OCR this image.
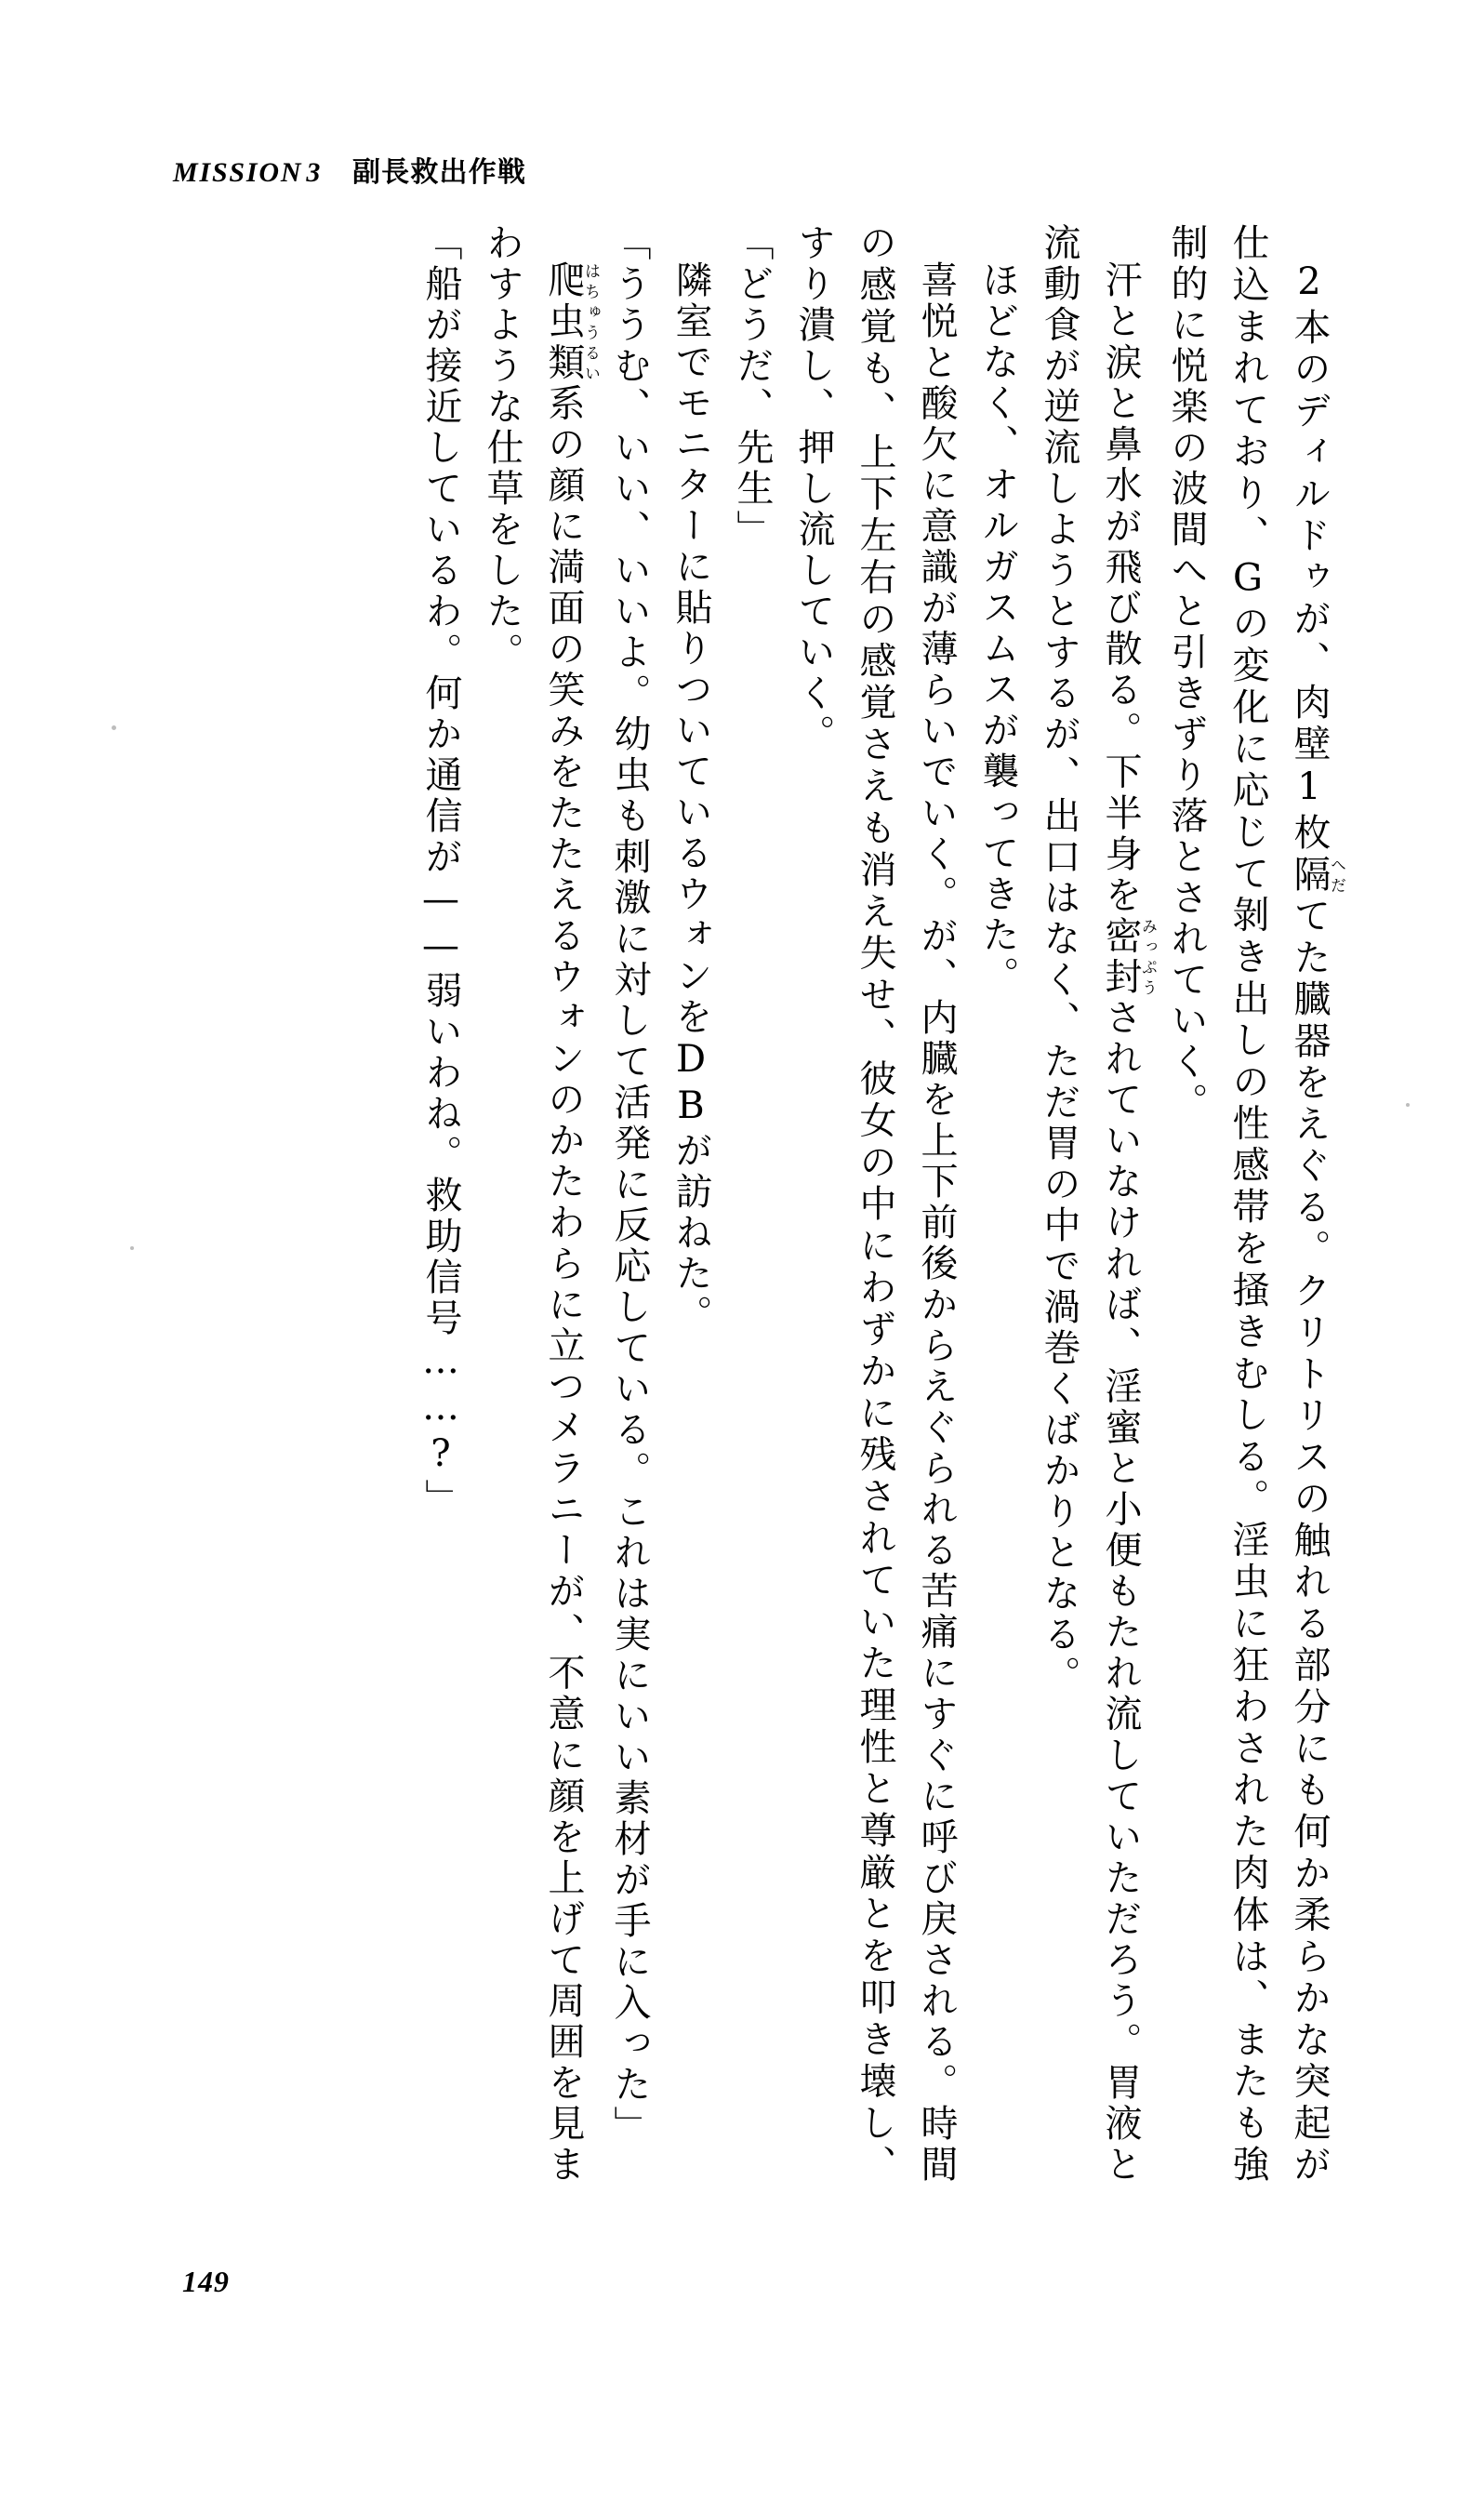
MISSION 3 副長救出作戦

2本のディルドゥが、肉壁1枚隔へだてた臓器をえぐる。クリトリスの触れる部分にも何か柔らかな突起が仕込まれており、Gの変化に応じて剝き出しの性感帯を掻きむしる。淫虫に狂わされた肉体は、またも強制的に悦楽の波間へと引きずり落とされていく。

汗と涙と鼻水が飛び散る。下半身を密封みっぷうされていなければ、淫蜜と小便もたれ流していただろう。胃液と流動食が逆流しようとするが、出口はなく、ただ胃の中で渦巻くばかりとなる。

ほどなく、オルガスムスが襲ってきた。

喜悦と酸欠に意識が薄らいでいく。が、内臓を上下前後からえぐられる苦痛にすぐに呼び戻される。時間の感覚も、上下左右の感覚さえも消え失せ、彼女の中にわずかに残されていた理性と尊厳とを叩き壊し、すり潰し、押し流していく。

「どうだ、先生」

隣室でモニターに貼りついているウォンをDBが訪ねた。

「ううむ、いい、いいよ。幼虫も刺激に対して活発に反応している。これは実にいい素材が手に入った」

爬虫類はちゅうるい系の顔に満面の笑みをたたえるウォンのかたわらに立つメラニーが、不意に顔を上げて周囲を見まわすような仕草をした。

「船が接近しているわ。何か通信が——弱いわね。救助信号……?」

149
